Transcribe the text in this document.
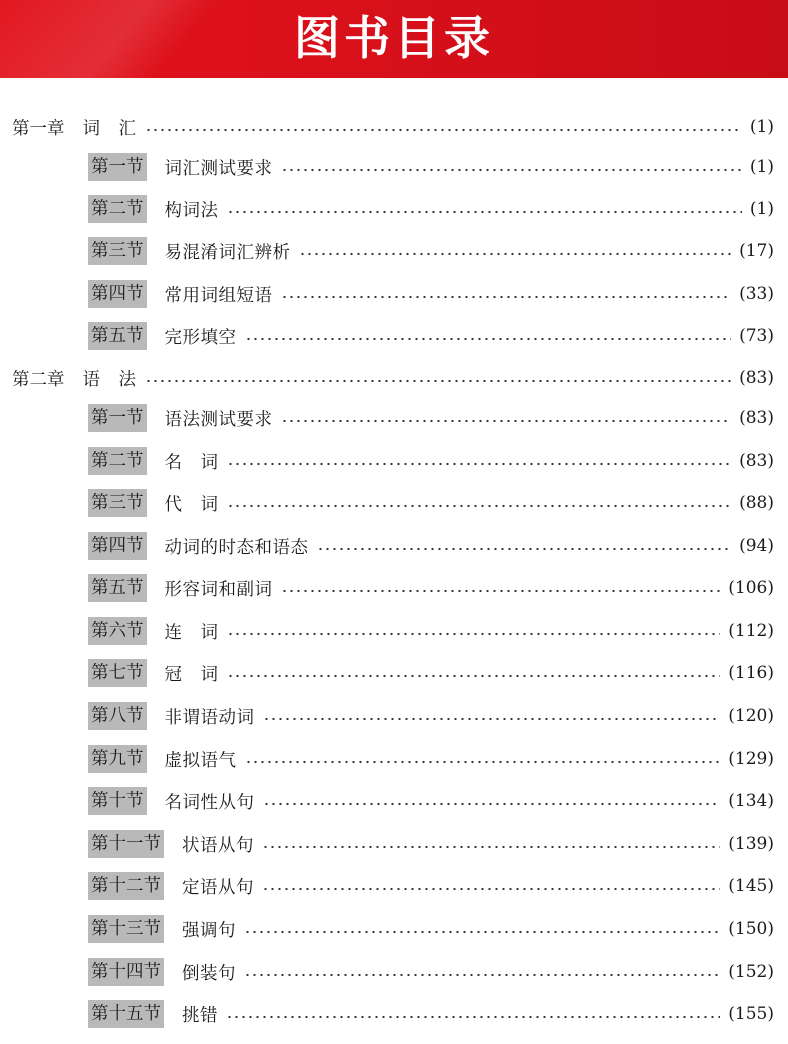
图书目录
第一章 词　汇	(1)
第一节 词汇测试要求	(1)
第二节 构词法	(1)
第三节 易混淆词汇辨析	(17)
第四节 常用词组短语	(33)
第五节 完形填空	(73)
第二章 语　法	(83)
第一节 语法测试要求	(83)
第二节 名　词	(83)
第三节 代　词	(88)
第四节 动词的时态和语态	(94)
第五节 形容词和副词	(106)
第六节 连　词	(112)
第七节 冠　词	(116)
第八节 非谓语动词	(120)
第九节 虚拟语气	(129)
第十节 名词性从句	(134)
第十一节 状语从句	(139)
第十二节 定语从句	(145)
第十三节 强调句	(150)
第十四节 倒装句	(152)
第十五节 挑错	(155)
